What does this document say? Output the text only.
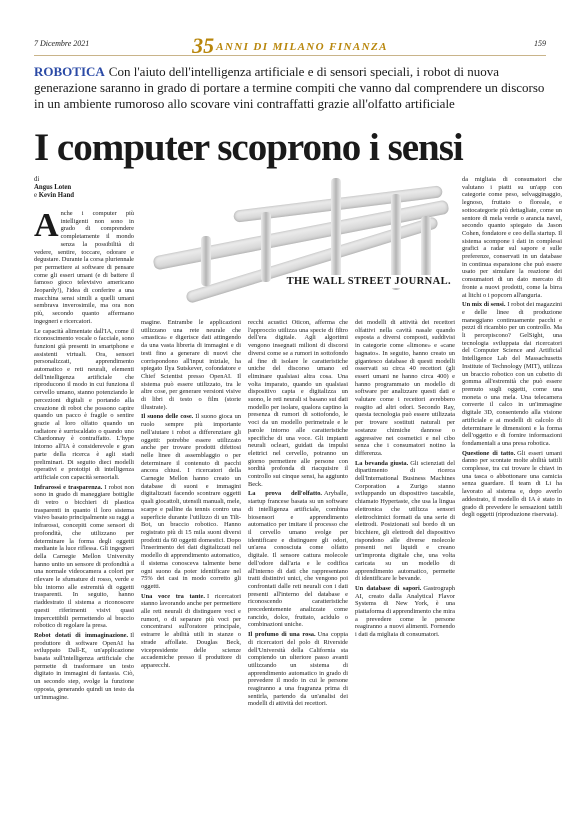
7 Dicembre 2021	35 ANNI DI MILANO FINANZA	159

ROBOTICA Con l'aiuto dell'intelligenza artificiale e di sensori speciali, i robot di nuova generazione saranno in grado di portare a termine compiti che vanno dal comprendere un discorso in un ambiente rumoroso allo scovare vini contraffatti grazie all'olfatto artificiale

I computer scoprono i sensi
THE WALL STREET JOURNAL.
di
Angus Loten
e Kevin Hand

Anche i computer più intelligenti non sono in grado di comprendere completamente il mondo senza la possibilità di vedere, sentire, toccare, odorare e degustare. Durante la corsa pluriennale per permettere ai software di pensare come gli esseri umani (e di battere il famoso gioco televisivo americano Jeopardy!), l'idea di conferire a una macchina sensi simili a quelli umani sembrava inverosimile, ma ora non più, secondo quanto affermano ingegneri e ricercatori.

Le capacità alimentate dall'IA, come il riconoscimento vocale o facciale, sono funzioni già presenti in smartphone e assistenti virtuali. Ora, sensori personalizzati, apprendimento automatico e reti neurali, elementi dell'intelligenza artificiale che riproducono il modo in cui funziona il cervello umano, stanno potenziando le percezioni digitali e portando alla creazione di robot che possono capire quando un pacco è fragile o sentire grazie al loro olfatto quando un radiatore è surriscaldato o quando uno Chardonnay è contraffatto. L'hype intorno all'IA è considerevole e gran parte della ricerca è agli stadi preliminari. Di seguito dieci modelli operativi e prototipi di intelligenza artificiale con capacità sensoriali.

Infrarossi e trasparenza. I robot non sono in grado di maneggiare bottiglie di vetro o bicchieri di plastica trasparenti in quanto il loro sistema visivo basato principalmente su raggi a infrarossi, concepiti come sensori di profondità, che utilizzano per determinare la forma degli oggetti mediante la luce riflessa. Gli ingegneri della Carnegie Mellon University hanno unito un sensore di profondità a una normale videocamera a colori per rilevare le sfumature di rosso, verde e blu intorno alle estremità di oggetti trasparenti. In seguito, hanno riaddestrato il sistema a riconoscere questi riferimenti visivi quasi impercettibili permettendo al braccio robotico di regolare la presa.

Robot dotati di immaginazione. Il produttore di software OpenAI ha sviluppato Dall-E, un'applicazione basata sull'intelligenza artificiale che permette di trasformare un testo digitato in immagini di fantasia. Ciò, un secondo step, svolge la funzione opposta, generando quindi un testo da un'immagine.

magine. Entrambe le applicazioni utilizzano una rete neurale che «mastica» e digerisce dati attingendo da una vasta libreria di immagini e di testi fino a generare di nuovi che corrispondono all'input iniziale, ha spiegato Ilya Sutskever, cofondatore e Chief Scientist presso OpenAI. Il sistema può essere utilizzato, tra le altre cose, per generare versioni visive di libri di testo o film (storie illustrate).

Il suono delle cose. Il suono gioca un ruolo sempre più importante nell'aiutare i robot a differenziare gli oggetti: potrebbe essere utilizzato anche per trovare prodotti difettosi nelle linee di assemblaggio o per determinare il contenuto di pacchi ancora chiusi. I ricercatori della Carnegie Mellon hanno creato un database di suoni e immagini digitalizzati facendo scontrare oggetti quali giocattoli, utensili manuali, mele, scarpe e palline da tennis contro una superficie durante l'utilizzo di un Tilt-Bot, un braccio robotico. Hanno registrato più di 15 mila suoni diversi prodotti da 60 oggetti domestici. Dopo l'inserimento dei dati digitalizzati nel modello di apprendimento automatico, il sistema conosceva talmente bene ogni suono da poter identificare nel 75% dei casi in modo corretto gli oggetti.

Una voce tra tante. I ricercatori stanno lavorando anche per permettere alle reti neurali di distinguere voci e rumori, o di separare più voci per concentrarsi sull'oratore principale, estrarre le abilità utili in stanze o strade affollate. Douglas Beck, vicepresidente delle scienze accademiche presso il produttore di apparecchi.

recchi acustici Oticon, afferma che l'approccio utilizza una specie di filtro dell'era digitale. Agli algoritmi vengono insegnati milioni di discorsi diversi come se a rumori in sottofondo al fine di isolare le caratteristiche uniche del discorso umano ed eliminare qualsiasi altra cosa. Una volta imparato, quando un qualsiasi dispositivo capta e digitalizza un suono, le reti neurali si basano sui dati modello per isolare, qualora captino la presenza di rumori di sottofondo, le voci da un modello perimetrale e le parole intorno alle caratteristiche specifiche di una voce. Gli impianti neurali ocleari, guidati da impulsi elettrici nel cervello, potranno un giorno permettere alle persone con sordità profonda di riacquisire il controllo sui cinque sensi, ha aggiunto Beck.

La prova dell'olfatto. Aryballe, startup francese basata su un software di intelligenza artificiale, combina biosensori e apprendimento automatico per imitare il processo che il cervello umano svolge per identificare e distinguere gli odori, un'area conosciuta come olfatto digitale. Il sensore cattura molecole dell'odore dall'aria e le codifica all'interno di dati che rappresentano tratti distintivi unici, che vengono poi confrontati dalle reti neurali con i dati presenti all'interno del database e riconoscendo caratteristiche precedentemente analizzate come rancido, dolce, fruttato, acidulo o combinazioni uniche.

Il profumo di una rosa. Una coppia di ricercatori del polo di Riverside dell'Università della California sta compiendo un ulteriore passo avanti utilizzando un sistema di apprendimento automatico in grado di prevedere il modo in cui le persone reagiranno a una fragranza prima di sentirla, partendo da un'analisi dei modelli di attività dei recettori.

dei modelli di attività dei recettori olfattivi nella cavità nasale quando esposta a diversi composti, suddivisi in categorie come «limone» e «cane bagnato». In seguito, hanno creato un gigantesco database di questi modelli osservati su circa 40 recettori (gli esseri umani ne hanno circa 400) e hanno programmato un modello di software per analizzare questi dati e valutare come i recettori avrebbero reagito ad altri odori. Secondo Ray, questa tecnologia può essere utilizzata per trovare sostituti naturali per sostanze chimiche dannose o aggressive nei cosmetici e nel cibo senza che i consumatori notino la differenza.

La bevanda giusta. Gli scienziati del dipartimento di ricerca dell'International Business Machines Corporation a Zurigo stanno sviluppando un dispositivo tascabile, chiamato Hypertaste, che usa la lingua elettronica che utilizza sensori elettrochimici formati da una serie di elettrodi. Posizionati sul bordo di un bicchiere, gli elettrodi del dispositivo rispondono alle diverse molecole presenti nei liquidi e creano un'impronta digitale che, una volta caricata su un modello di apprendimento automatico, permette di identificare le bevande.

Un database di sapori. Gastrograph AI, creato dalla Analytical Flavor Systems di New York, è una piattaforma di apprendimento che mira a prevedere come le persone reagiranno a nuovi alimenti. Fornendo i dati da migliaia di consumatori.

da migliaia di consumatori che valutano i piatti su un'app con categorie come peso, selvagginaggio, legnoso, fruttato o floreale, e sottocategorie più dettagliate, come un sentore di mela verde o arancia navel, secondo quanto spiegato da Jason Cohen, fondatore e ceo della startup. Il sistema scompone i dati in complessi grafici a radar sul sapore e sulle preferenze, conservati in un database in continua espansione che può essere usato per simulare la reazione dei consumatori di un dato mercato di fronte a nuovi prodotti, come la birra ai litchi o i popcorn all'anguria.

Un mix di sensi. I robot dei magazzini e delle linee di produzione maneggiano continuamente pacchi e pezzi di ricambio per un controllo. Ma li percepiscono? GelSight, una tecnologia sviluppata dai ricercatori del Computer Science and Artificial Intelligence Lab del Massachusetts Institute of Technology (MIT), utilizza un braccio robotico con un cubetto di gomma all'estremità che può essere premuto sugli oggetti, come una moneta o una mela. Una telecamera converte il calco in un'immagine digitale 3D, consentendo alla visione artificiale e ai modelli di calcolo di determinare le dimensioni e la forma dell'oggetto e di fornire informazioni fondamentali a una presa robotica.

Questione di tatto. Gli esseri umani danno per scontate molte abilità tattili complesse, tra cui trovare le chiavi in una tasca o abbottonare una camicia senza guardare. Il team di Li ha lavorato al sistema e, dopo averlo addestrato, il modello di IA è stato in grado di prevedere le sensazioni tattili degli oggetti (riproduzione riservata).
